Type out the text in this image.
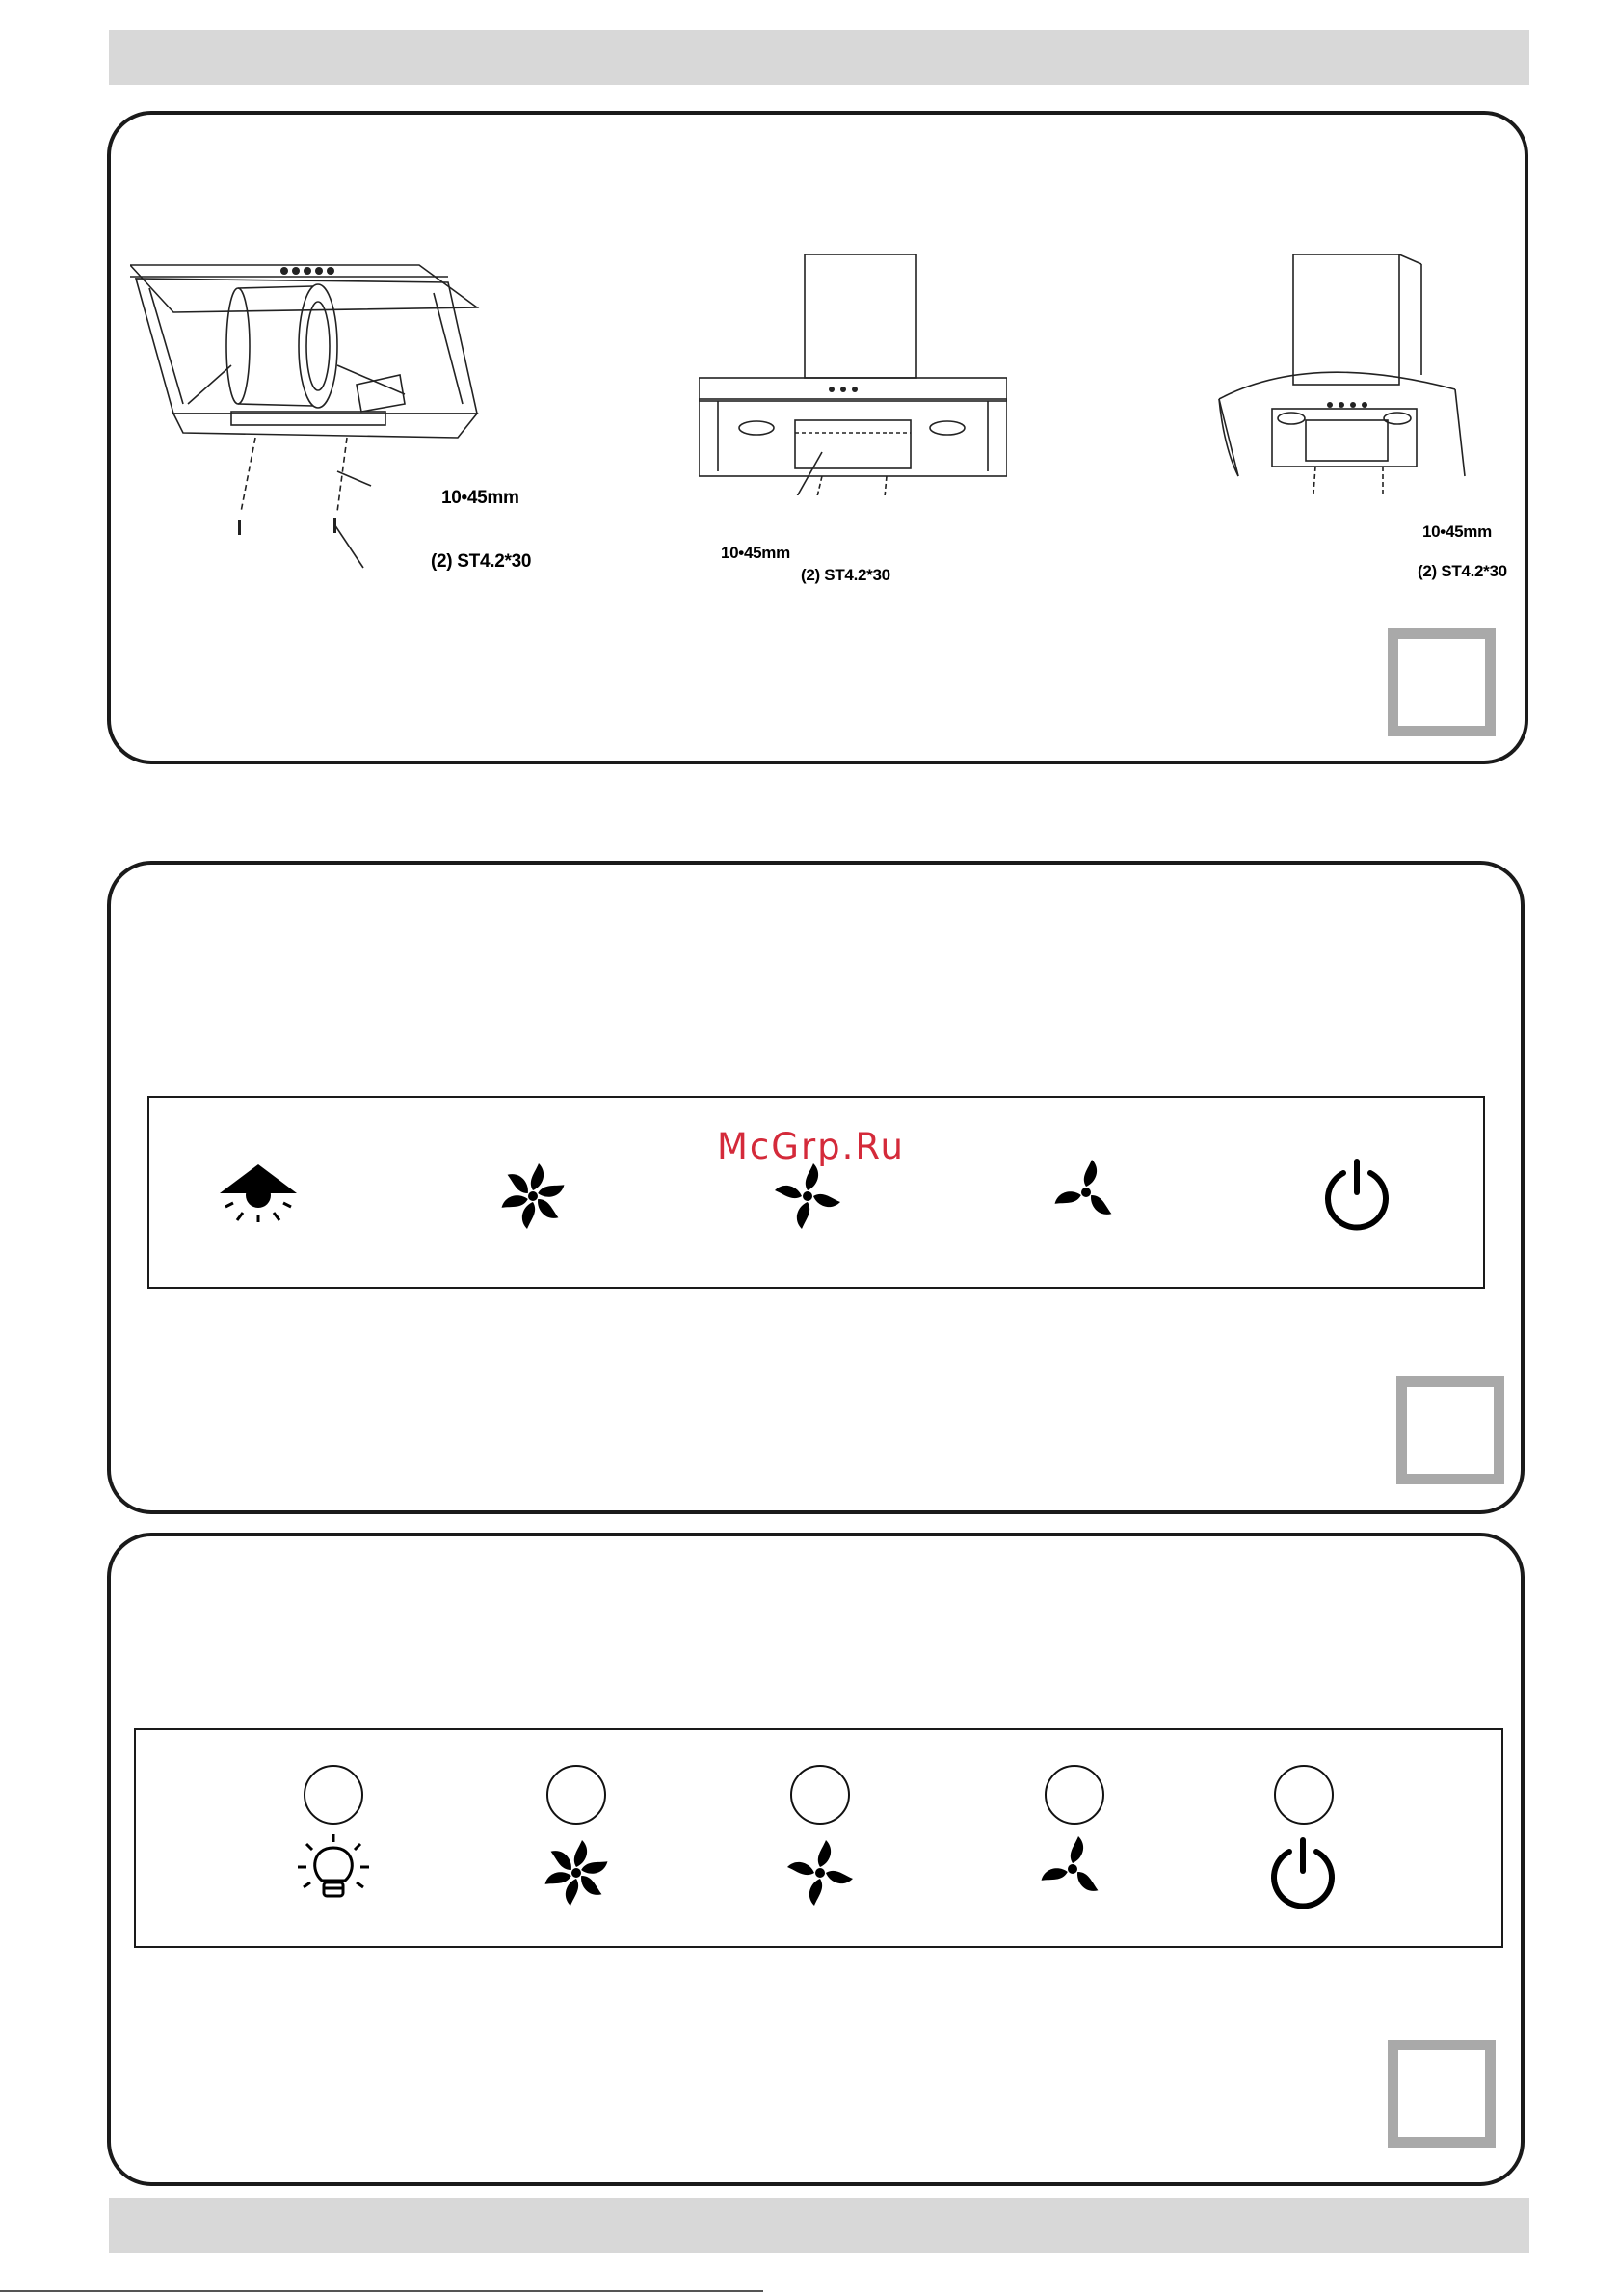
10•45mm
(2) ST4.2*30	10•45mm
(2) ST4.2*30
10•45mm
(2) ST4.2*30
McGrp.Ru
